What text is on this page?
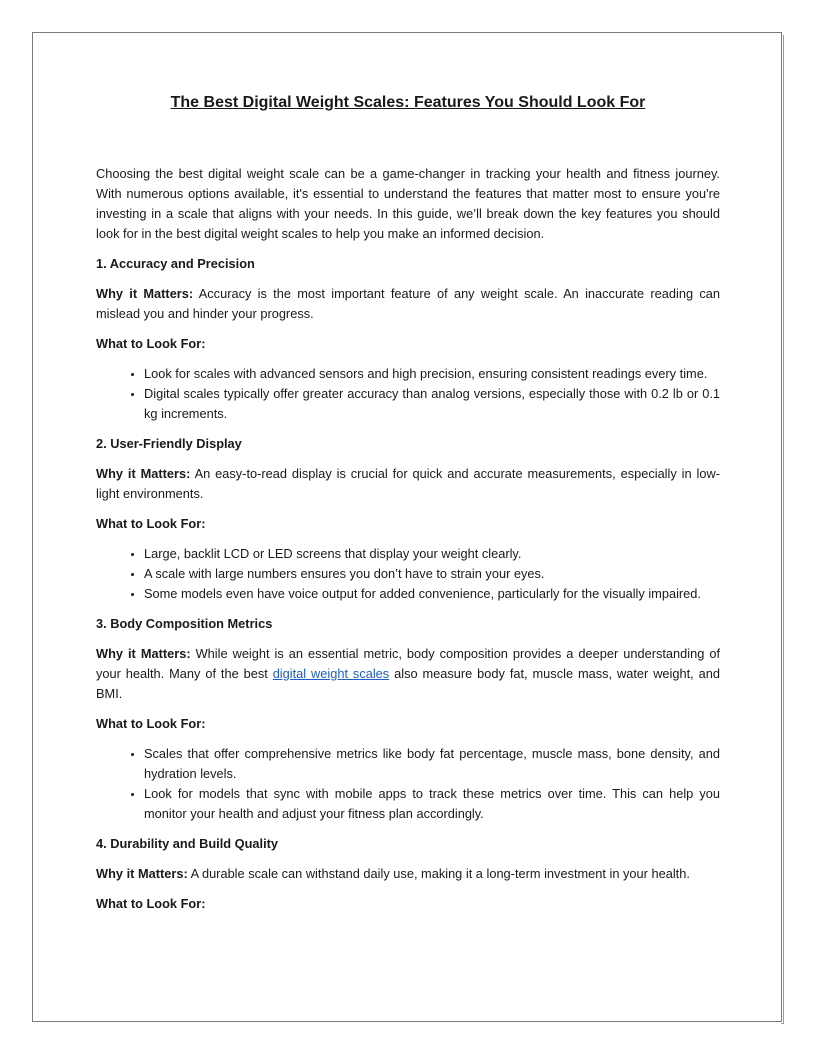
The Best Digital Weight Scales: Features You Should Look For

Choosing the best digital weight scale can be a game-changer in tracking your health and fitness journey. With numerous options available, it's essential to understand the features that matter most to ensure you're investing in a scale that aligns with your needs. In this guide, we’ll break down the key features you should look for in the best digital weight scales to help you make an informed decision.

1. Accuracy and Precision

Why it Matters: Accuracy is the most important feature of any weight scale. An inaccurate reading can mislead you and hinder your progress.

What to Look For:

• Look for scales with advanced sensors and high precision, ensuring consistent readings every time.
• Digital scales typically offer greater accuracy than analog versions, especially those with 0.2 lb or 0.1 kg increments.

2. User-Friendly Display

Why it Matters: An easy-to-read display is crucial for quick and accurate measurements, especially in low-light environments.

What to Look For:

• Large, backlit LCD or LED screens that display your weight clearly.
• A scale with large numbers ensures you don’t have to strain your eyes.
• Some models even have voice output for added convenience, particularly for the visually impaired.

3. Body Composition Metrics

Why it Matters: While weight is an essential metric, body composition provides a deeper understanding of your health. Many of the best digital weight scales also measure body fat, muscle mass, water weight, and BMI.

What to Look For:

• Scales that offer comprehensive metrics like body fat percentage, muscle mass, bone density, and hydration levels.
• Look for models that sync with mobile apps to track these metrics over time. This can help you monitor your health and adjust your fitness plan accordingly.

4. Durability and Build Quality

Why it Matters: A durable scale can withstand daily use, making it a long-term investment in your health.

What to Look For:
